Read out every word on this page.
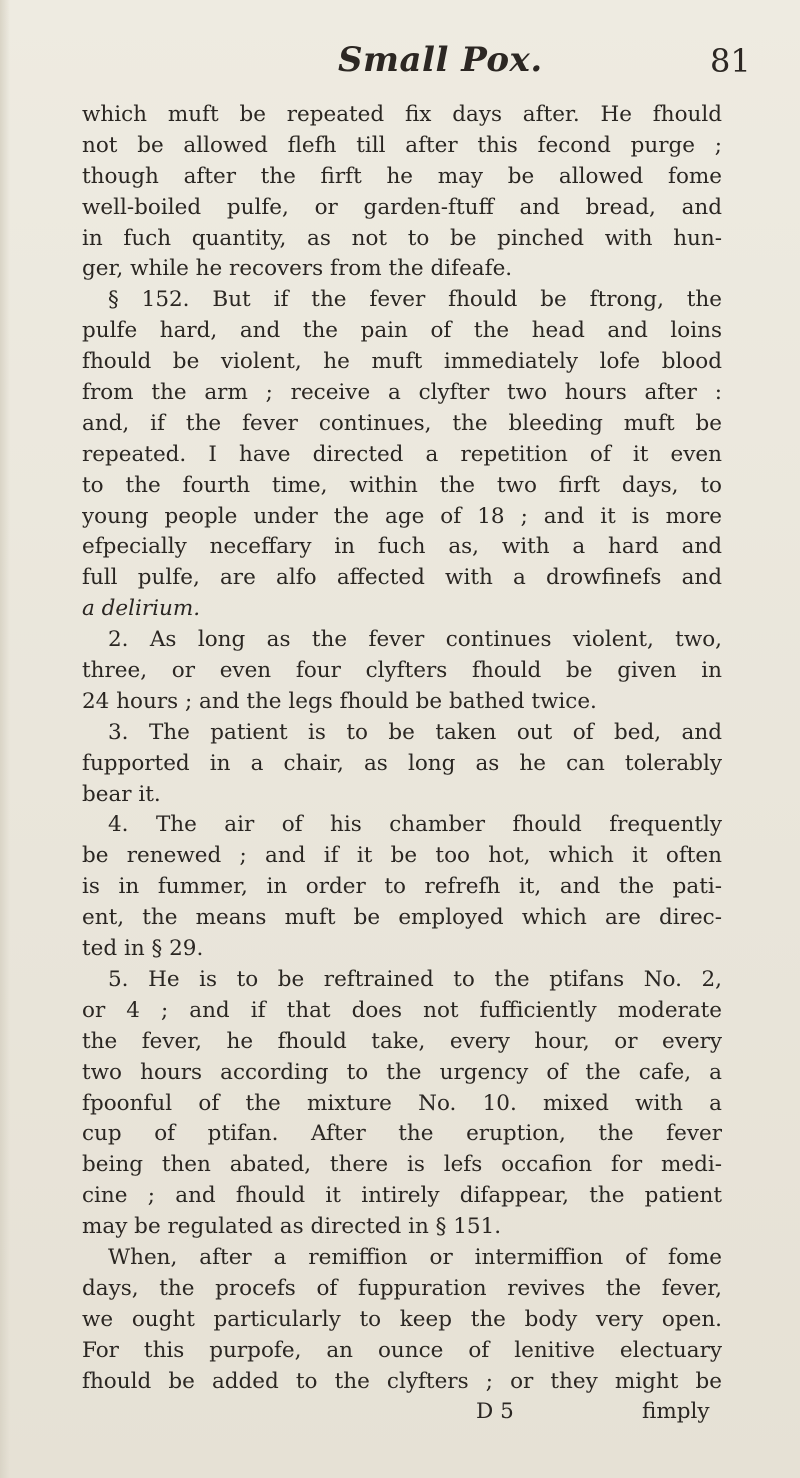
Small Pox.	81
which muft be repeated fix days after. He fhould
not be allowed flefh till after this fecond purge ;
though after the firft he may be allowed fome
well-boiled pulfe, or garden-ftuff and bread, and
in fuch quantity, as not to be pinched with hun-
ger, while he recovers from the difeafe.
§ 152. But if the fever fhould be ftrong, the
pulfe hard, and the pain of the head and loins
fhould be violent, he muft immediately lofe blood
from the arm ; receive a clyfter two hours after :
and, if the fever continues, the bleeding muft be
repeated. I have directed a repetition of it even
to the fourth time, within the two firft days, to
young people under the age of 18 ; and it is more
efpecially neceffary in fuch as, with a hard and
full pulfe, are alfo affected with a drowfinefs and
a delirium.
2. As long as the fever continues violent, two,
three, or even four clyfters fhould be given in
24 hours ; and the legs fhould be bathed twice.
3. The patient is to be taken out of bed, and
fupported in a chair, as long as he can tolerably
bear it.
4. The air of his chamber fhould frequently
be renewed ; and if it be too hot, which it often
is in fummer, in order to refrefh it, and the pati-
ent, the means muft be employed which are direc-
ted in § 29.
5. He is to be reftrained to the ptifans No. 2,
or 4 ; and if that does not fufficiently moderate
the fever, he fhould take, every hour, or every
two hours according to the urgency of the cafe, a
fpoonful of the mixture No. 10. mixed with a
cup of ptifan. After the eruption, the fever
being then abated, there is lefs occafion for medi-
cine ; and fhould it intirely difappear, the patient
may be regulated as directed in § 151.
When, after a remiffion or intermiffion of fome
days, the procefs of fuppuration revives the fever,
we ought particularly to keep the body very open.
For this purpofe, an ounce of lenitive electuary
fhould be added to the clyfters ; or they might be
D 5	fimply
